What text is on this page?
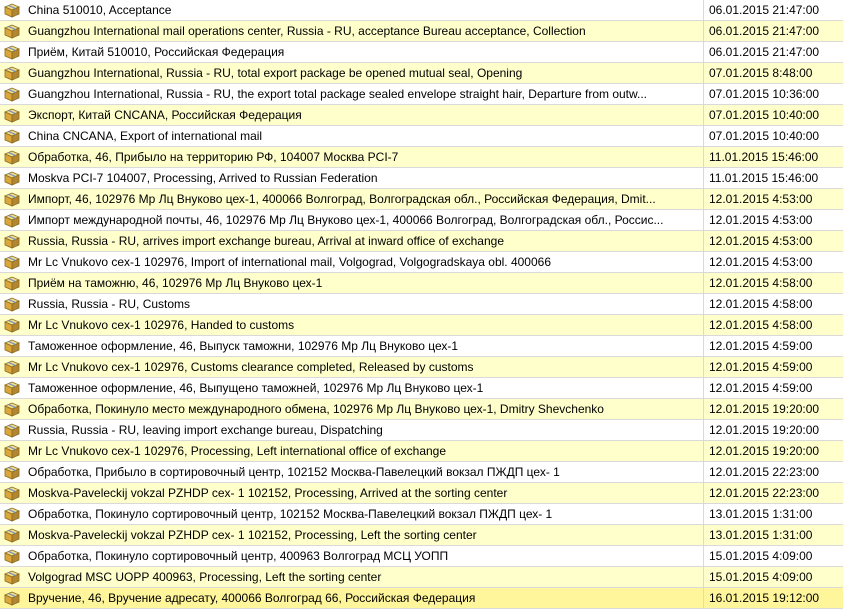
China 510010, Acceptance	06.01.2015 21:47:00
Guangzhou International mail operations center, Russia - RU, acceptance Bureau acceptance, Collection	06.01.2015 21:47:00
Приём, Китай 510010, Российская Федерация	06.01.2015 21:47:00
Guangzhou International, Russia - RU, total export package be opened mutual seal, Opening	07.01.2015 8:48:00
Guangzhou International, Russia - RU, the export total package sealed envelope straight hair, Departure from outw...	07.01.2015 10:36:00
Экспорт, Китай CNCANA, Российская Федерация	07.01.2015 10:40:00
China CNCANA, Export of international mail	07.01.2015 10:40:00
Обработка, 46, Прибыло на территорию РФ, 104007 Москва PCI-7	11.01.2015 15:46:00
Moskva PCI-7 104007, Processing, Arrived to Russian Federation	11.01.2015 15:46:00
Импорт, 46, 102976 Мр Лц Внуково цех-1, 400066 Волгоград, Волгоградская обл., Российская Федерация, Dmit...	12.01.2015 4:53:00
Импорт международной почты, 46, 102976 Мр Лц Внуково цех-1, 400066 Волгоград, Волгоградская обл., Россиc...	12.01.2015 4:53:00
Russia, Russia - RU, arrives import exchange bureau, Arrival at inward office of exchange	12.01.2015 4:53:00
Mr Lc Vnukovo cex-1 102976, Import of international mail, Volgograd, Volgogradskaya obl. 400066	12.01.2015 4:53:00
Приём на таможню, 46, 102976 Мр Лц Внуково цех-1	12.01.2015 4:58:00
Russia, Russia - RU, Customs	12.01.2015 4:58:00
Mr Lc Vnukovo cex-1 102976, Handed to customs	12.01.2015 4:58:00
Таможенное оформление, 46, Выпуск таможни, 102976 Мр Лц Внуково цех-1	12.01.2015 4:59:00
Mr Lc Vnukovo cex-1 102976, Customs clearance completed, Released by customs	12.01.2015 4:59:00
Таможенное оформление, 46, Выпущено таможней, 102976 Мр Лц Внуково цех-1	12.01.2015 4:59:00
Обработка, Покинуло место международного обмена, 102976 Мр Лц Внуково цех-1, Dmitry Shevchenko	12.01.2015 19:20:00
Russia, Russia - RU, leaving import exchange bureau, Dispatching	12.01.2015 19:20:00
Mr Lc Vnukovo cex-1 102976, Processing, Left international office of exchange	12.01.2015 19:20:00
Обработка, Прибыло в сортировочный центр, 102152 Москва-Павелецкий вокзал ПЖДП цех- 1	12.01.2015 22:23:00
Moskva-Paveleckij vokzal PZHDP cex- 1 102152, Processing, Arrived at the sorting center	12.01.2015 22:23:00
Обработка, Покинуло сортировочный центр, 102152 Москва-Павелецкий вокзал ПЖДП цех- 1	13.01.2015 1:31:00
Moskva-Paveleckij vokzal PZHDP cex- 1 102152, Processing, Left the sorting center	13.01.2015 1:31:00
Обработка, Покинуло сортировочный центр, 400963 Волгоград МСЦ УОПП	15.01.2015 4:09:00
Volgograd MSC UOPP 400963, Processing, Left the sorting center	15.01.2015 4:09:00
Вручение, 46, Вручение адресату, 400066 Волгоград 66, Российская Федерация	16.01.2015 19:12:00
